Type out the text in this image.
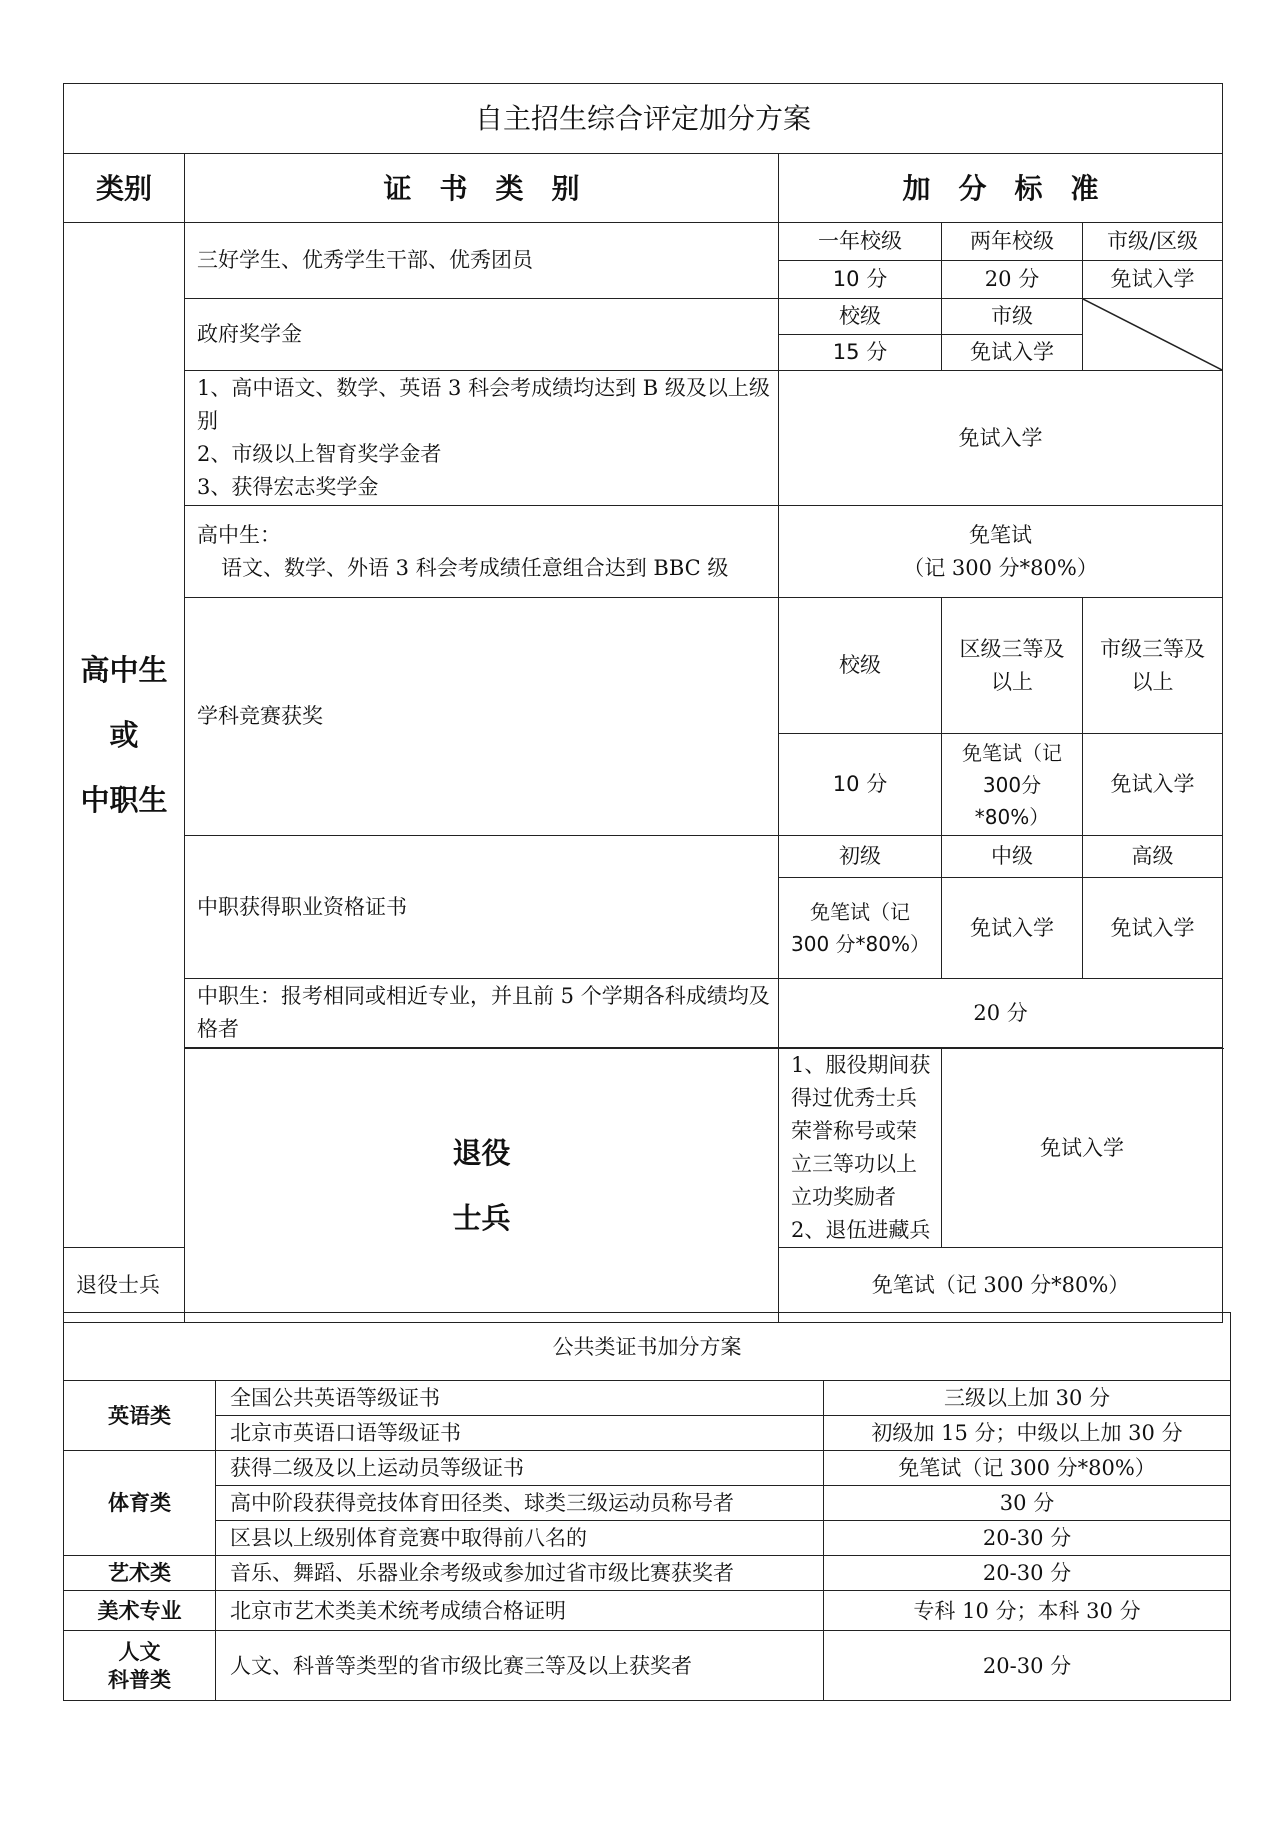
自主招生综合评定加分方案				
类别	证　书　类　别	加　分　标　准		

高中生
或
中职生	三好学生、优秀学生干部、优秀团员	一年校级	两年校级	市级/区级
		10 分	20 分	免试入学
	政府奖学金	校级	市级	

		15 分	免试入学	

	1、高中语文、数学、英语 3 科会考成绩均达到 B 级及以上级别
2、市级以上智育奖学金者
3、获得宏志奖学金	免试入学		

	高中生：
语文、数学、外语 3 科会考成绩任意组合达到 BBC 级	免笔试
（记 300 分*80%）		

	学科竞赛获奖	校级	区级三等及以上	市级三等及以上
		10 分	免笔试（记300分*80%）	免试入学
	中职获得职业资格证书	初级	中级	高级
		免笔试（记 300 分*80%）	免试入学	免试入学
	中职生：报考相同或相近专业，并且前 5 个学期各科成绩均及格者	20 分		

	退役
士兵	1、服役期间获得过优秀士兵荣誉称号或荣立三等功以上立功奖励者
2、退伍进藏兵	免试入学	
退役士兵		免笔试（记 300 分*80%）		
公共类证书加分方案		
英语类	全国公共英语等级证书	三级以上加 30 分
	北京市英语口语等级证书	初级加 15 分；中级以上加 30 分
体育类	获得二级及以上运动员等级证书	免笔试（记 300 分*80%）
	高中阶段获得竞技体育田径类、球类三级运动员称号者	30 分
	区县以上级别体育竞赛中取得前八名的	20-30 分
艺术类	音乐、舞蹈、乐器业余考级或参加过省市级比赛获奖者	20-30 分
美术专业	北京市艺术类美术统考成绩合格证明	专科 10 分；本科 30 分

人文
科普类	人文、科普等类型的省市级比赛三等及以上获奖者	20-30 分
